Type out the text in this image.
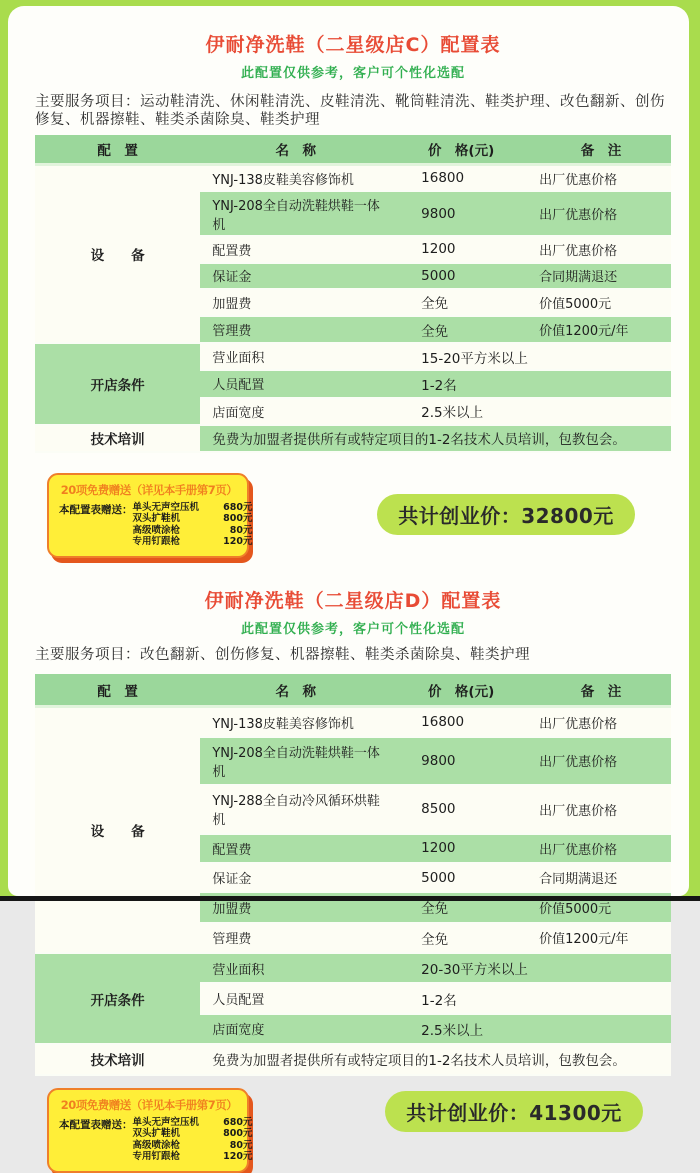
伊耐净洗鞋（二星级店C）配置表
此配置仅供参考，客户可个性化选配

主要服务项目：运动鞋清洗、休闲鞋清洗、皮鞋清洗、靴筒鞋清洗、鞋类护理、改色翻新、创伤修复、机器擦鞋、鞋类杀菌除臭、鞋类护理

配　置	名　称	价　格(元)	备　注
设　　备	YNJ-138皮鞋美容修饰机	16800	出厂优惠价格
	YNJ-208全自动洗鞋烘鞋一体机	9800	出厂优惠价格
	配置费	1200	出厂优惠价格
	保证金	5000	合同期满退还
	加盟费	全免	价值5000元
	管理费	全免	价值1200元/年
开店条件	营业面积	15-20平方米以上	
	人员配置	1-2名	
	店面宽度	2.5米以上	
技术培训	免费为加盟者提供所有或特定项目的1-2名技术人员培训，包教包会。		
20项免费赠送（详见本手册第7页）
本配置表赠送： 单头无声空压机	680元
双头扩鞋机	800元
高级喷涂枪	80元
专用钉跟枪	120元
共计创业价：32800元
伊耐净洗鞋（二星级店D）配置表
此配置仅供参考，客户可个性化选配

主要服务项目：改色翻新、创伤修复、机器擦鞋、鞋类杀菌除臭、鞋类护理

配　置	名　称	价　格(元)	备　注
设　　备	YNJ-138皮鞋美容修饰机	16800	出厂优惠价格
	YNJ-208全自动洗鞋烘鞋一体机	9800	出厂优惠价格
	YNJ-288全自动冷风循环烘鞋机	8500	出厂优惠价格
	配置费	1200	出厂优惠价格
	保证金	5000	合同期满退还
	加盟费	全免	价值5000元
	管理费	全免	价值1200元/年
开店条件	营业面积	20-30平方米以上	
	人员配置	1-2名	
	店面宽度	2.5米以上	
技术培训	免费为加盟者提供所有或特定项目的1-2名技术人员培训，包教包会。		
20项免费赠送（详见本手册第7页）
本配置表赠送： 单头无声空压机	680元
双头扩鞋机	800元
高级喷涂枪	80元
专用钉跟枪	120元
共计创业价：41300元
